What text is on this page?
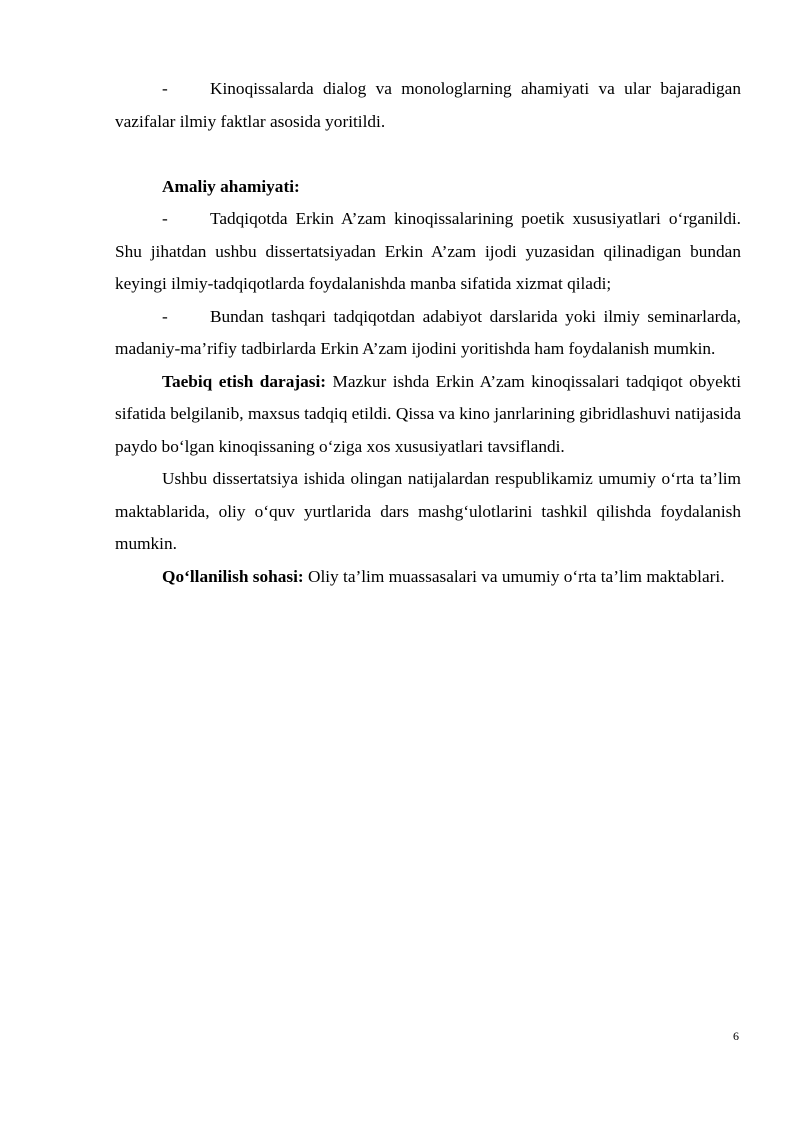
- Kinoqissalarda dialog va monologlarning ahamiyati va ular bajaradigan vazifalar ilmiy faktlar asosida yoritildi.

Amaliy ahamiyati:

- Tadqiqotda Erkin A’zam kinoqissalarining poetik xususiyatlari o‘rganildi. Shu jihatdan ushbu dissertatsiyadan Erkin A’zam ijodi yuzasidan qilinadigan bundan keyingi ilmiy-tadqiqotlarda foydalanishda manba sifatida xizmat qiladi;

- Bundan tashqari tadqiqotdan adabiyot darslarida yoki ilmiy seminarlarda, madaniy-ma’rifiy tadbirlarda Erkin A’zam ijodini yoritishda ham foydalanish mumkin.

Taebiq etish darajasi: Mazkur ishda Erkin A’zam kinoqissalari tadqiqot obyekti sifatida belgilanib, maxsus tadqiq etildi. Qissa va kino janrlarining gibridlashuvi natijasida paydo bo‘lgan kinoqissaning o‘ziga xos xususiyatlari tavsiflandi.

Ushbu dissertatsiya ishida olingan natijalardan respublikamiz umumiy o‘rta ta’lim maktablarida, oliy o‘quv yurtlarida dars mashg‘ulotlarini tashkil qilishda foydalanish mumkin.

Qo‘llanilish sohasi: Oliy ta’lim muassasalari va umumiy o‘rta ta’lim maktablari.

6
